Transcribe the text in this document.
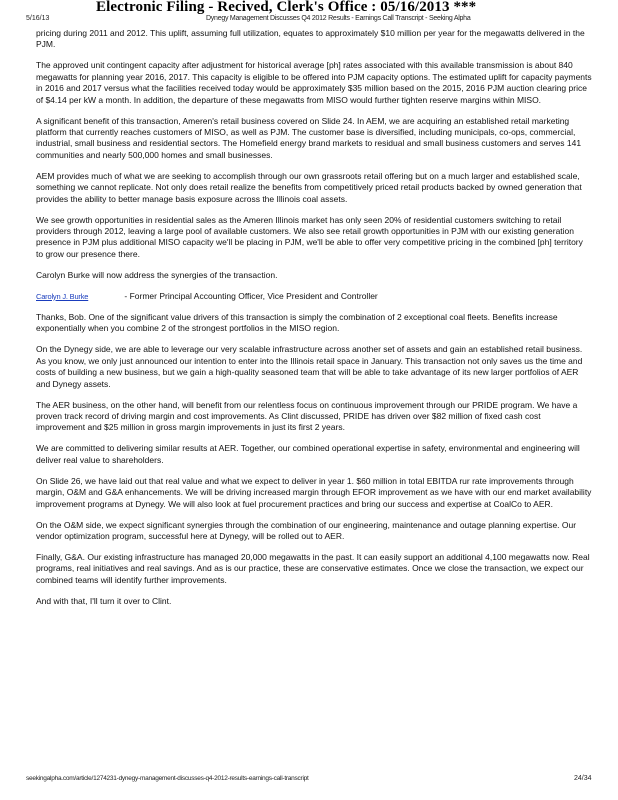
Electronic Filing - Recived, Clerk's Office : 05/16/2013 ***
5/16/13	Dynegy Management Discusses Q4 2012 Results - Earnings Call Transcript - Seeking Alpha

pricing during 2011 and 2012. This uplift, assuming full utilization, equates to approximately $10 million per year for the megawatts delivered in the PJM.

The approved unit contingent capacity after adjustment for historical average [ph] rates associated with this available transmission is about 840 megawatts for planning year 2016, 2017. This capacity is eligible to be offered into PJM capacity options. The estimated uplift for capacity payments in 2016 and 2017 versus what the facilities received today would be approximately $35 million based on the 2015, 2016 PJM auction clearing price of $4.14 per kW a month. In addition, the departure of these megawatts from MISO would further tighten reserve margins within MISO.

A significant benefit of this transaction, Ameren's retail business covered on Slide 24. In AEM, we are acquiring an established retail marketing platform that currently reaches customers of MISO, as well as PJM. The customer base is diversified, including municipals, co-ops, commercial, industrial, small business and residential sectors. The Homefield energy brand markets to residual and small business customers and serves 141 communities and nearly 500,000 homes and small businesses.

AEM provides much of what we are seeking to accomplish through our own grassroots retail offering but on a much larger and established scale, something we cannot replicate. Not only does retail realize the benefits from competitively priced retail products backed by owned generation that provides the ability to better manage basis exposure across the Illinois coal assets.

We see growth opportunities in residential sales as the Ameren Illinois market has only seen 20% of residential customers switching to retail providers through 2012, leaving a large pool of available customers. We also see retail growth opportunities in PJM with our existing generation presence in PJM plus additional MISO capacity we'll be placing in PJM, we'll be able to offer very competitive pricing in the combined [ph] territory to grow our presence there.

Carolyn Burke will now address the synergies of the transaction.

Carolyn J. Burke	- Former Principal Accounting Officer, Vice President and Controller

Thanks, Bob. One of the significant value drivers of this transaction is simply the combination of 2 exceptional coal fleets. Benefits increase exponentially when you combine 2 of the strongest portfolios in the MISO region.

On the Dynegy side, we are able to leverage our very scalable infrastructure across another set of assets and gain an established retail business. As you know, we only just announced our intention to enter into the Illinois retail space in January. This transaction not only saves us the time and costs of building a new business, but we gain a high-quality seasoned team that will be able to take advantage of its new larger portfolios of AER and Dynegy assets.

The AER business, on the other hand, will benefit from our relentless focus on continuous improvement through our PRIDE program. We have a proven track record of driving margin and cost improvements. As Clint discussed, PRIDE has driven over $82 million of fixed cash cost improvement and $25 million in gross margin improvements in just its first 2 years.

We are committed to delivering similar results at AER. Together, our combined operational expertise in safety, environmental and engineering will deliver real value to shareholders.

On Slide 26, we have laid out that real value and what we expect to deliver in year 1. $60 million in total EBITDA rur rate improvements through margin, O&M and G&A enhancements. We will be driving increased margin through EFOR improvement as we have with our end market availability improvement programs at Dynegy. We will also look at fuel procurement practices and bring our success and expertise at CoalCo to AER.

On the O&M side, we expect significant synergies through the combination of our engineering, maintenance and outage planning expertise. Our vendor optimization program, successful here at Dynegy, will be rolled out to AER.

Finally, G&A. Our existing infrastructure has managed 20,000 megawatts in the past. It can easily support an additional 4,100 megawatts now. Real programs, real initiatives and real savings. And as is our practice, these are conservative estimates. Once we close the transaction, we expect our combined teams will identify further improvements.

And with that, I'll turn it over to Clint.

seekingalpha.com/article/1274231-dynegy-management-discusses-q4-2012-results-earnings-call-transcript	24/34
